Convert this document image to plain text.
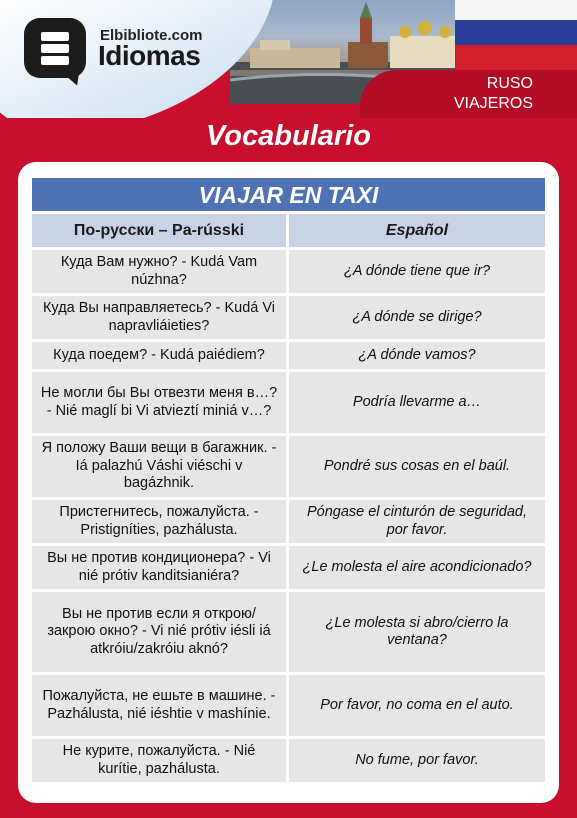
Elbibliote.com
Idiomas
RUSO
VIAJEROS
Vocabulario
VIAJAR EN TAXI
По-русски – Pa-rússki	Español
Куда Вам нужно? - Kudá Vam núzhna?
¿A dónde tiene que ir?
Куда Вы направляетесь? - Kudá Vi napravliáieties?
¿A dónde se dirige?
Куда поедем? - Kudá paiédiem?	¿A dónde vamos?
Не могли бы Вы отвезти меня в…? - Nié maglí bi Vi atvieztí miniá v…?
Podría llevarme a…
Я положу Ваши вещи в багажник. - Iá palazhú Váshi viéschi v bagázhnik.
Pondré sus cosas en el baúl.
Пристегнитесь, пожалуйста. - Pristigníties, pazhálusta.
Póngase el cinturón de seguridad, por favor.
Вы не против кондиционера? - Vi nié prótiv kanditsianiéra?
¿Le molesta el aire acondicionado?
Вы не против если я открою/закрою окно? - Vi nié prótiv iésli iá atkróiu/zakróiu aknó?
¿Le molesta si abro/cierro la ventana?
Пожалуйста, не ешьте в машине. - Pazhálusta, nié iéshtie v mashínie.
Por favor, no coma en el auto.
Не курите, пожалуйста. - Nié kurítie, pazhálusta.
No fume, por favor.
